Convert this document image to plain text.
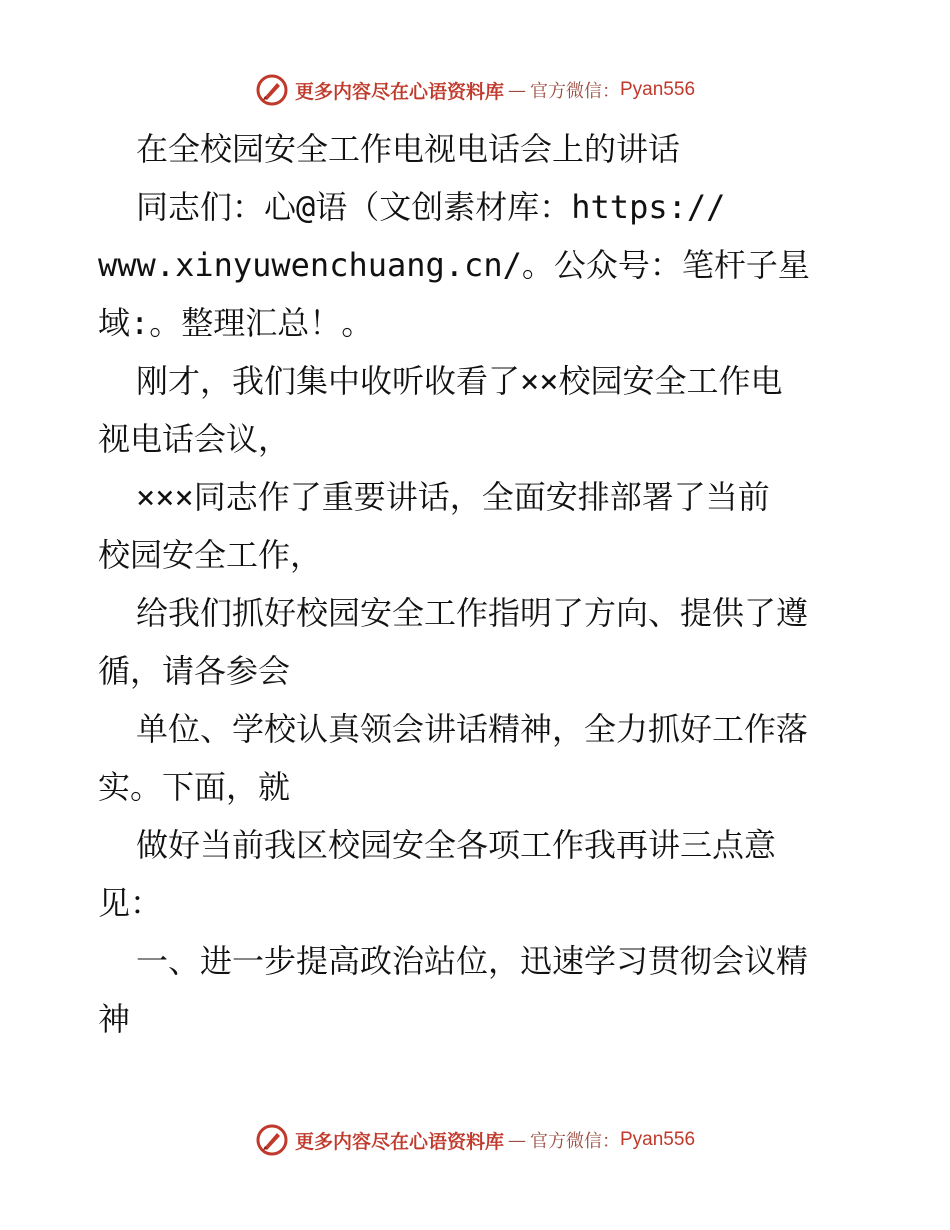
更多内容尽在心语资料库 — 官方微信： Pyan556
在全校园安全工作电视电话会上的讲话
同志们：心@语（文创素材库：https://
www.xinyuwenchuang.cn/。公众号：笔杆子星
域:。整理汇总！。
刚才，我们集中收听收看了××校园安全工作电
视电话会议，
×××同志作了重要讲话，全面安排部署了当前
校园安全工作，
给我们抓好校园安全工作指明了方向、提供了遵
循，请各参会
单位、学校认真领会讲话精神，全力抓好工作落
实。下面，就
做好当前我区校园安全各项工作我再讲三点意
见：
一、进一步提高政治站位，迅速学习贯彻会议精
神
更多内容尽在心语资料库 — 官方微信： Pyan556
